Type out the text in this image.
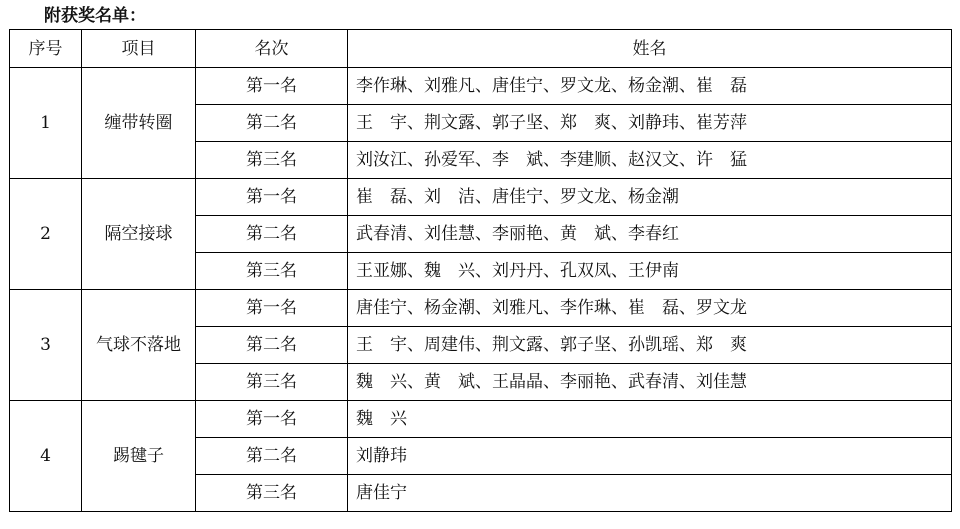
附获奖名单：
序号	项目	名次	姓名
1	缠带转圈	第一名	李作琳、刘雅凡、唐佳宁、罗文龙、杨金潮、崔　磊
		第二名	王　宇、荆文露、郭子坚、郑　爽、刘静玮、崔芳萍
		第三名	刘汝江、孙爱军、李　斌、李建顺、赵汉文、许　猛
2	隔空接球	第一名	崔　磊、刘　洁、唐佳宁、罗文龙、杨金潮
		第二名	武春清、刘佳慧、李丽艳、黄　斌、李春红
		第三名	王亚娜、魏　兴、刘丹丹、孔双凤、王伊南
3	气球不落地	第一名	唐佳宁、杨金潮、刘雅凡、李作琳、崔　磊、罗文龙
		第二名	王　宇、周建伟、荆文露、郭子坚、孙凯瑶、郑　爽
		第三名	魏　兴、黄　斌、王晶晶、李丽艳、武春清、刘佳慧
4	踢毽子	第一名	魏　兴
		第二名	刘静玮
		第三名	唐佳宁
